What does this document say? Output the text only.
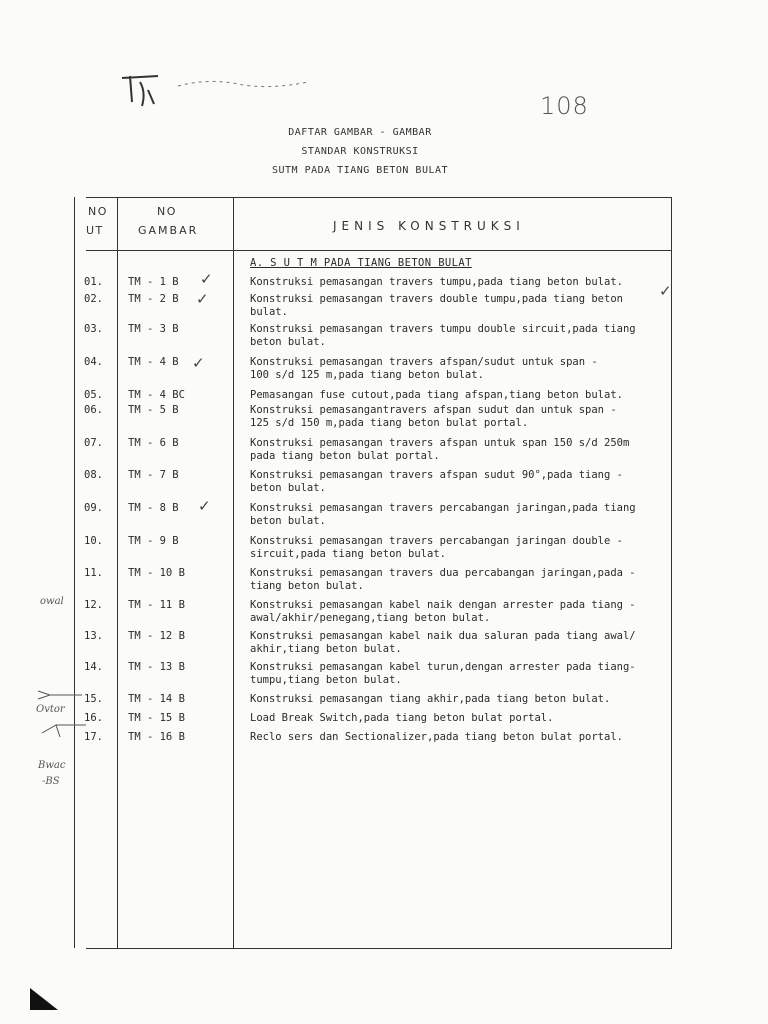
108
DAFTAR GAMBAR - GAMBAR
STANDAR KONSTRUKSI
SUTM PADA TIANG BETON BULAT
NO
UT
NO
GAMBAR	JENIS KONSTRUKSI
A. S U T M PADA TIANG BETON BULAT
01.	TM - 1 B	Konstruksi pemasangan travers tumpu,pada tiang beton bulat.
02.	TM - 2 B	Konstruksi pemasangan travers double tumpu,pada tiang beton
bulat.
03.	TM - 3 B	Konstruksi pemasangan travers tumpu double sircuit,pada tiang
beton bulat.
04.	TM - 4 B	Konstruksi pemasangan travers afspan/sudut untuk span -
100 s/d 125 m,pada tiang beton bulat.
05.	TM - 4 BC	Pemasangan fuse cutout,pada tiang afspan,tiang beton bulat.
06.	TM - 5 B	Konstruksi pemasangantravers afspan sudut dan untuk span -
125 s/d 150 m,pada tiang beton bulat portal.
07.	TM - 6 B	Konstruksi pemasangan travers afspan untuk span 150 s/d 250m
pada tiang beton bulat portal.
08.	TM - 7 B	Konstruksi pemasangan travers afspan sudut 90°,pada tiang -
beton bulat.
09.	TM - 8 B	Konstruksi pemasangan travers percabangan jaringan,pada tiang
beton bulat.
10.	TM - 9 B	Konstruksi pemasangan travers percabangan jaringan double -
sircuit,pada tiang beton bulat.
11.	TM - 10 B	Konstruksi pemasangan travers dua percabangan jaringan,pada -
tiang beton bulat.
12.	TM - 11 B	Konstruksi pemasangan kabel naik dengan arrester pada tiang -
awal/akhir/penegang,tiang beton bulat.
13.	TM - 12 B	Konstruksi pemasangan kabel naik dua saluran pada tiang awal/
akhir,tiang beton bulat.
14.	TM - 13 B	Konstruksi pemasangan kabel turun,dengan arrester pada tiang-
tumpu,tiang beton bulat.
15.	TM - 14 B	Konstruksi pemasangan tiang akhir,pada tiang beton bulat.
16.	TM - 15 B	Load Break Switch,pada tiang beton bulat portal.
17.	TM - 16 B	Reclo sers dan Sectionalizer,pada tiang beton bulat portal.
✓
✓
✓
✓
✓
owal
Ovtor
Bwac
-BS
